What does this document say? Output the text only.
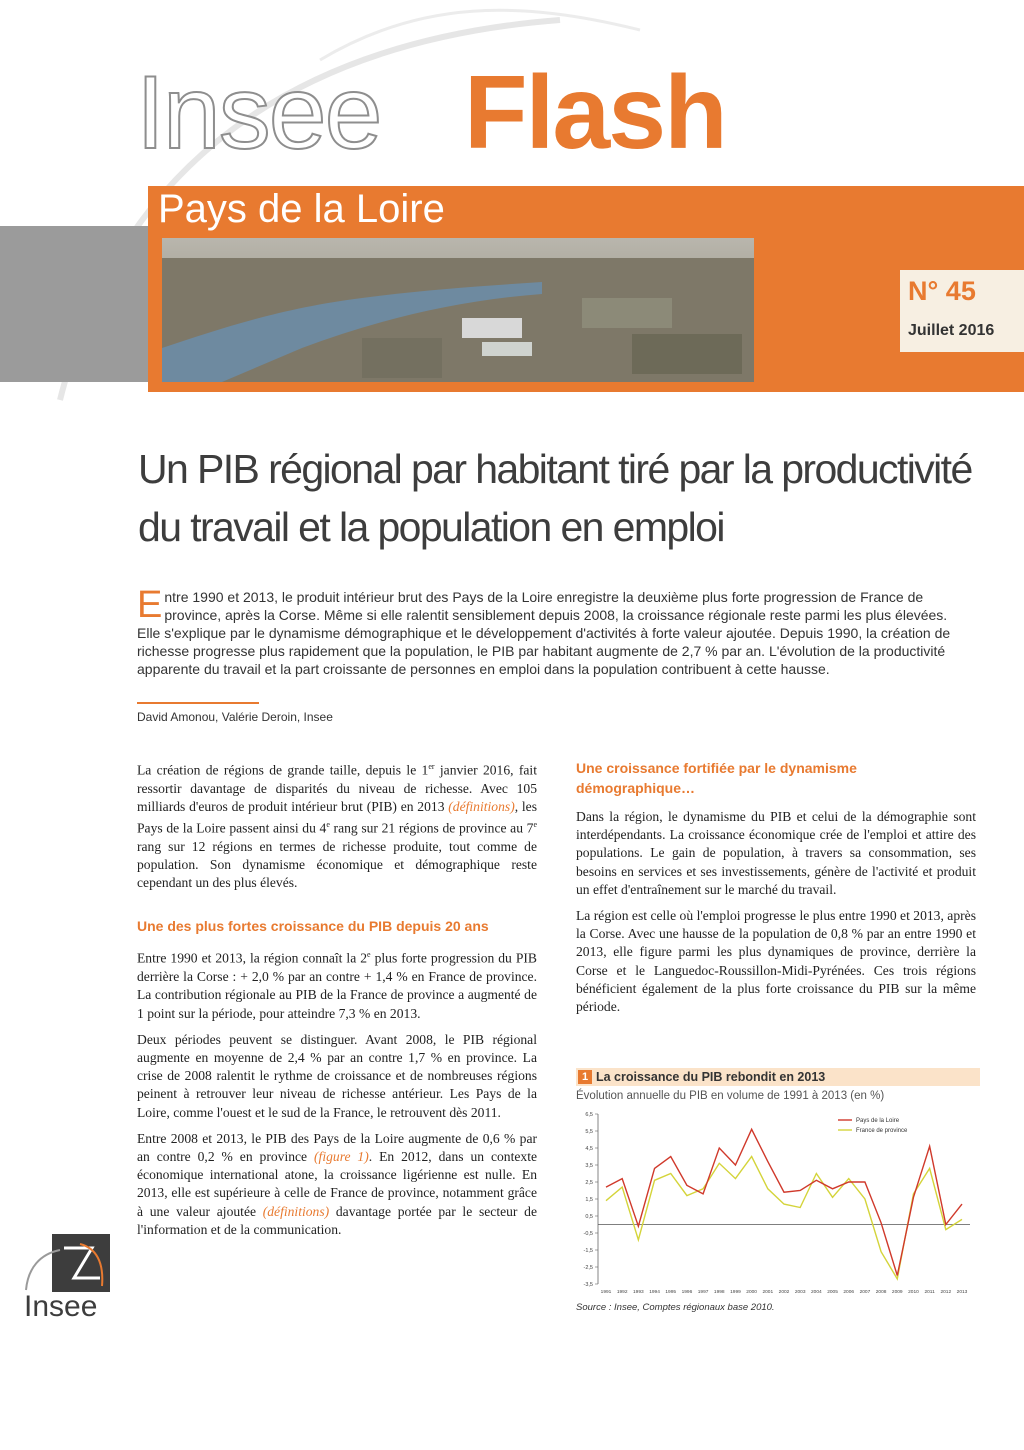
Insee Flash
Pays de la Loire
N° 45
Juillet 2016
Un PIB régional par habitant tiré par la productivité du travail et la population en emploi
Entre 1990 et 2013, le produit intérieur brut des Pays de la Loire enregistre la deuxième plus forte progression de France de province, après la Corse. Même si elle ralentit sensiblement depuis 2008, la croissance régionale reste parmi les plus élevées. Elle s'explique par le dynamisme démographique et le développement d'activités à forte valeur ajoutée. Depuis 1990, la création de richesse progresse plus rapidement que la population, le PIB par habitant augmente de 2,7 % par an. L'évolution de la productivité apparente du travail et la part croissante de personnes en emploi dans la population contribuent à cette hausse.
David Amonou, Valérie Deroin, Insee

La création de régions de grande taille, depuis le 1er janvier 2016, fait ressortir davantage de disparités du niveau de richesse. Avec 105 milliards d'euros de produit intérieur brut (PIB) en 2013 (définitions), les Pays de la Loire passent ainsi du 4e rang sur 21 régions de province au 7e rang sur 12 régions en termes de richesse produite, tout comme de population. Son dynamisme économique et démographique reste cependant un des plus élevés.

Une des plus fortes croissance du PIB depuis 20 ans

Entre 1990 et 2013, la région connaît la 2e plus forte progression du PIB derrière la Corse : + 2,0 % par an contre + 1,4 % en France de province. La contribution régionale au PIB de la France de province a augmenté de 1 point sur la période, pour atteindre 7,3 % en 2013.

Deux périodes peuvent se distinguer. Avant 2008, le PIB régional augmente en moyenne de 2,4 % par an contre 1,7 % en province. La crise de 2008 ralentit le rythme de croissance et de nombreuses régions peinent à retrouver leur niveau de richesse antérieur. Les Pays de la Loire, comme l'ouest et le sud de la France, le retrouvent dès 2011.

Entre 2008 et 2013, le PIB des Pays de la Loire augmente de 0,6 % par an contre 0,2 % en province (figure 1). En 2012, dans un contexte économique international atone, la croissance ligérienne est nulle. En 2013, elle est supérieure à celle de France de province, notamment grâce à une valeur ajoutée (définitions) davantage portée par le secteur de l'information et de la communication.

Une croissance fortifiée par le dynamisme démographique…

Dans la région, le dynamisme du PIB et celui de la démographie sont interdépendants. La croissance économique crée de l'emploi et attire des populations. Le gain de population, à travers sa consommation, ses besoins en services et ses investissements, génère de l'activité et produit un effet d'entraînement sur le marché du travail.

La région est celle où l'emploi progresse le plus entre 1990 et 2013, après la Corse. Avec une hausse de la population de 0,8 % par an entre 1990 et 2013, elle figure parmi les plus dynamiques de province, derrière la Corse et le Languedoc-Roussillon-Midi-Pyrénées. Ces trois régions bénéficient également de la plus forte croissance du PIB sur la même période.

1 La croissance du PIB rebondit en 2013
Évolution annuelle du PIB en volume de 1991 à 2013 (en %)
6,5
5,5
4,5
3,5
2,5
1,5
0,5
-0,5
-1,5
-2,5
-3,5
1991 1992 1993 1994 1995 1996 1997 1998 1999 2000 2001 2002 2003 2004 2005 2006 2007 2008 2009 2010 2011 2012 2013
Pays de la Loire
France de province
Source : Insee, Comptes régionaux base 2010.
Insee
